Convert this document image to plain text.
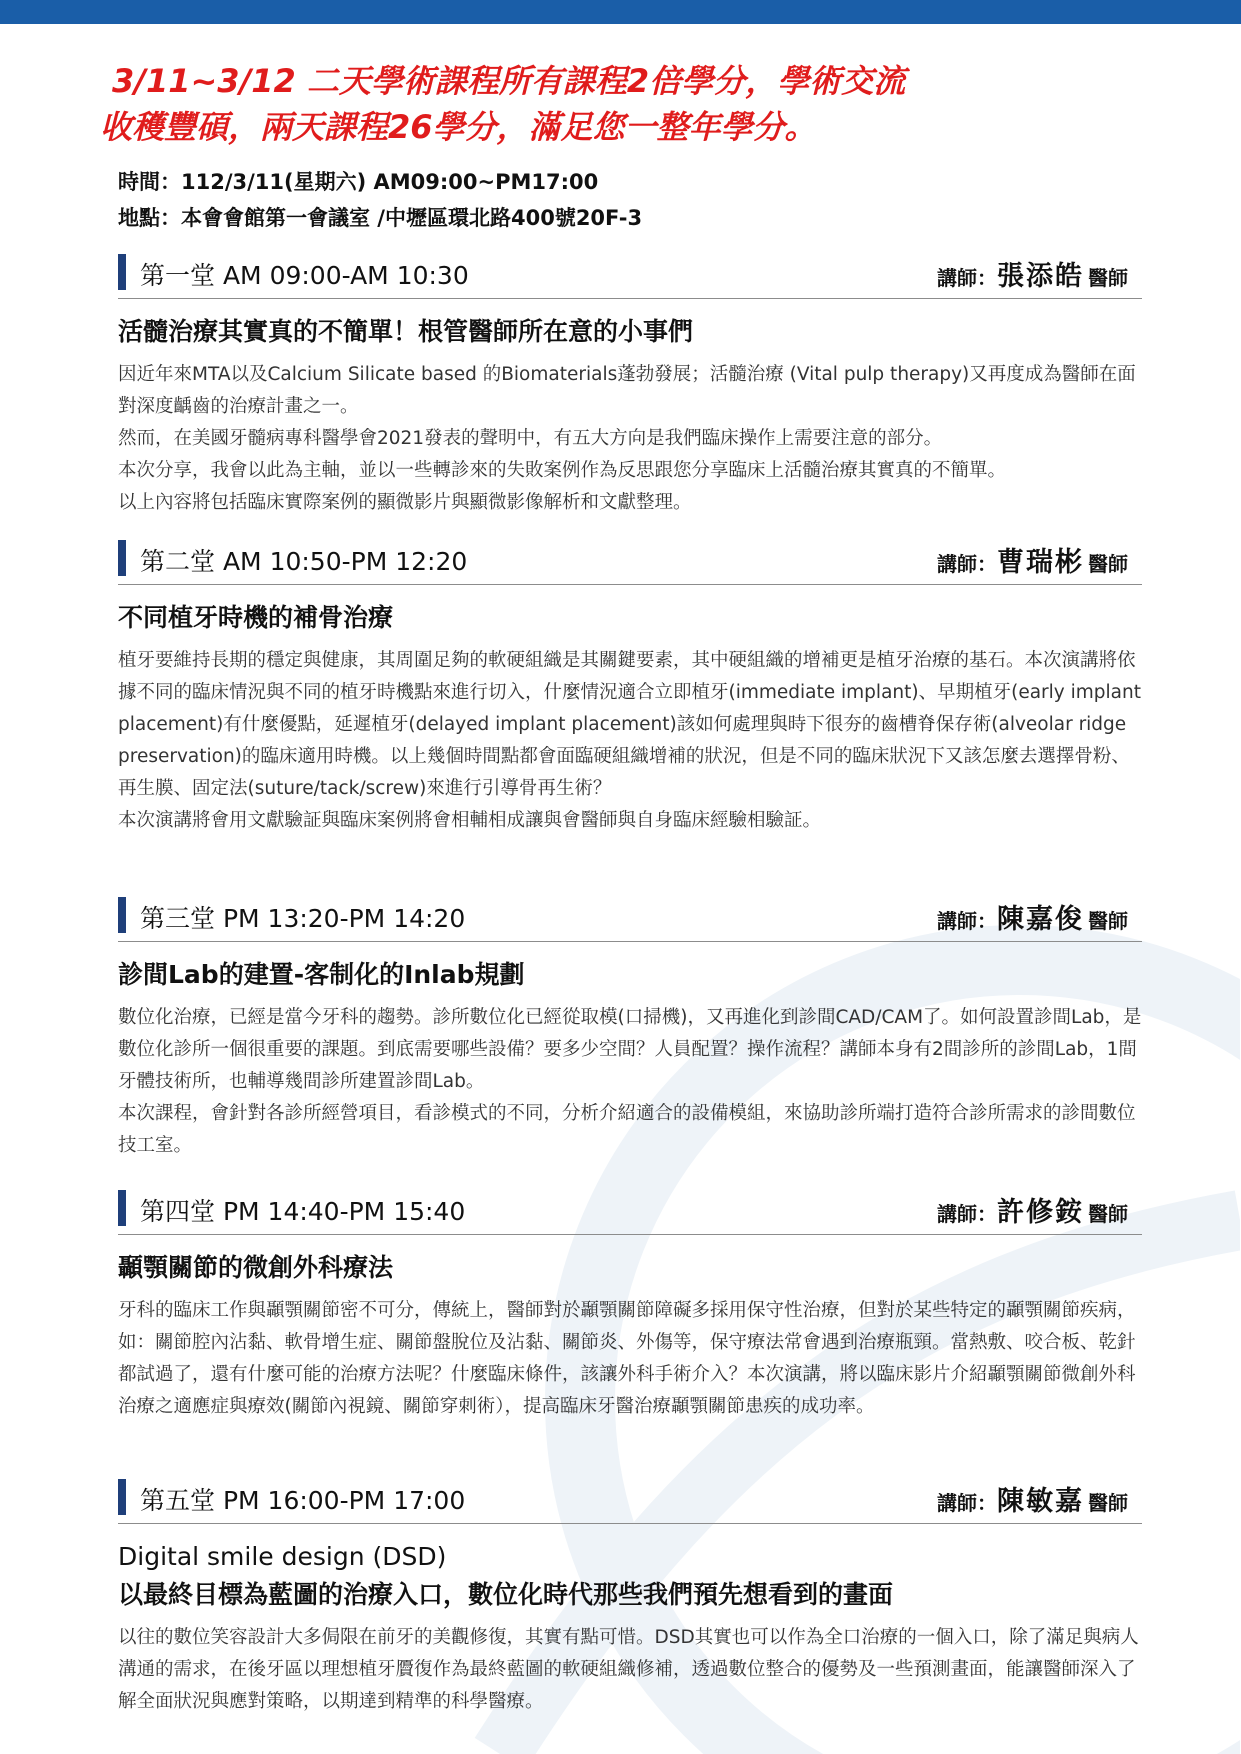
3/11~3/12 二天學術課程所有課程2倍學分，學術交流
收穫豐碩，兩天課程26學分，滿足您一整年學分。
時間：112/3/11(星期六) AM09:00~PM17:00
地點：本會會館第一會議室 /中壢區環北路400號20F-3
第一堂 AM 09:00-AM 10:30	講師：張添皓 醫師
活髓治療其實真的不簡單！根管醫師所在意的小事們

因近年來MTA以及Calcium Silicate based 的Biomaterials蓬勃發展；活髓治療 (Vital pulp therapy)又再度成為醫師在面對深度齲齒的治療計畫之一。

然而，在美國牙髓病專科醫學會2021發表的聲明中，有五大方向是我們臨床操作上需要注意的部分。

本次分享，我會以此為主軸，並以一些轉診來的失敗案例作為反思跟您分享臨床上活髓治療其實真的不簡單。

以上內容將包括臨床實際案例的顯微影片與顯微影像解析和文獻整理。

第二堂 AM 10:50-PM 12:20	講師：曹瑞彬 醫師
不同植牙時機的補骨治療

植牙要維持長期的穩定與健康，其周圍足夠的軟硬組織是其關鍵要素，其中硬組織的增補更是植牙治療的基石。本次演講將依據不同的臨床情況與不同的植牙時機點來進行切入，什麼情況適合立即植牙(immediate implant)、早期植牙(early implant placement)有什麼優點，延遲植牙(delayed implant placement)該如何處理與時下很夯的齒槽脊保存術(alveolar ridge preservation)的臨床適用時機。以上幾個時間點都會面臨硬組織增補的狀況，但是不同的臨床狀況下又該怎麼去選擇骨粉、再生膜、固定法(suture/tack/screw)來進行引導骨再生術？

本次演講將會用文獻驗証與臨床案例將會相輔相成讓與會醫師與自身臨床經驗相驗証。

第三堂 PM 13:20-PM 14:20	講師：陳嘉俊 醫師
診間Lab的建置-客制化的Inlab規劃

數位化治療，已經是當今牙科的趨勢。診所數位化已經從取模(口掃機)，又再進化到診間CAD/CAM了。如何設置診間Lab，是數位化診所一個很重要的課題。到底需要哪些設備？要多少空間？人員配置？操作流程？講師本身有2間診所的診間Lab，1間牙體技術所，也輔導幾間診所建置診間Lab。

本次課程，會針對各診所經營項目，看診模式的不同，分析介紹適合的設備模組，來協助診所端打造符合診所需求的診間數位技工室。

第四堂 PM 14:40-PM 15:40	講師：許修銨 醫師
顳顎關節的微創外科療法

牙科的臨床工作與顳顎關節密不可分，傳統上，醫師對於顳顎關節障礙多採用保守性治療，但對於某些特定的顳顎關節疾病，如：關節腔內沾黏、軟骨增生症、關節盤脫位及沾黏、關節炎、外傷等，保守療法常會遇到治療瓶頸。當熱敷、咬合板、乾針都試過了，還有什麼可能的治療方法呢？什麼臨床條件，該讓外科手術介入？本次演講，將以臨床影片介紹顳顎關節微創外科治療之適應症與療效(關節內視鏡、關節穿刺術），提高臨床牙醫治療顳顎關節患疾的成功率。

第五堂 PM 16:00-PM 17:00	講師：陳敏嘉 醫師
Digital smile design (DSD)
以最終目標為藍圖的治療入口，數位化時代那些我們預先想看到的畫面

以往的數位笑容設計大多侷限在前牙的美觀修復，其實有點可惜。DSD其實也可以作為全口治療的一個入口，除了滿足與病人溝通的需求，在後牙區以理想植牙贗復作為最終藍圖的軟硬組織修補，透過數位整合的優勢及一些預測畫面，能讓醫師深入了解全面狀況與應對策略，以期達到精準的科學醫療。
